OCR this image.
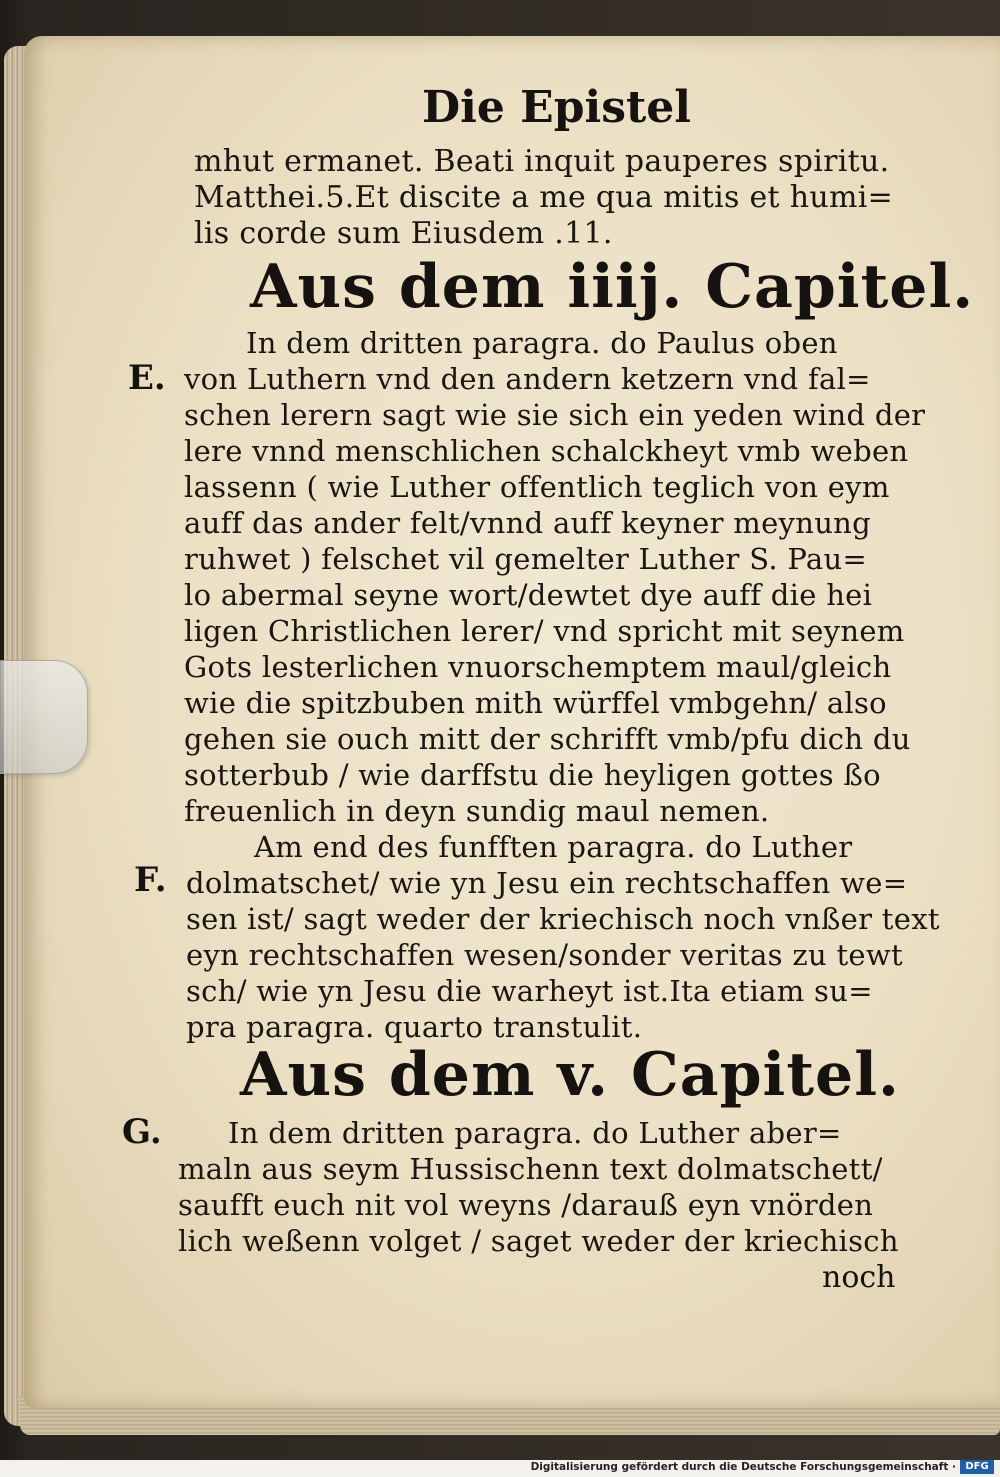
Die Epistel
mhut ermanet. Beati inquit pauperes spiritu.
Matthei.5.Et discite a me qua mitis et humi=
lis corde sum Eiusdem .11.
Aus dem iiij. Capitel.
In dem dritten paragra. do Paulus oben
E. von Luthern vnd den andern ketzern vnd fal=
schen lerern sagt wie sie sich ein yeden wind der
lere vnnd menschlichen schalckheyt vmb weben
lassenn ( wie Luther offentlich teglich von eym
auff das ander felt/vnnd auff keyner meynung
ruhwet ) felschet vil gemelter Luther S. Pau=
lo abermal seyne wort/dewtet dye auff die hei
ligen Christlichen lerer/ vnd spricht mit seynem
Gots lesterlichen vnuorschemptem maul/gleich
wie die spitzbuben mith würffel vmbgehn/ also
gehen sie ouch mitt der schrifft vmb/pfu dich du
sotterbub / wie darffstu die heyligen gottes ßo
freuenlich in deyn sundig maul nemen.
Am end des funfften paragra. do Luther
F. dolmatschet/ wie yn Jesu ein rechtschaffen we=
sen ist/ sagt weder der kriechisch noch vnßer text
eyn rechtschaffen wesen/sonder veritas zu tewt
sch/ wie yn Jesu die warheyt ist.Ita etiam su=
pra paragra. quarto transtulit.
Aus dem v. Capitel.
G. In dem dritten paragra. do Luther aber=
maln aus seym Hussischenn text dolmatschett/
saufft euch nit vol weyns /darauß eyn vnörden
lich weßenn volget / saget weder der kriechisch
noch
Digitalisierung gefördert durch die Deutsche Forschungsgemeinschaft · DFG
